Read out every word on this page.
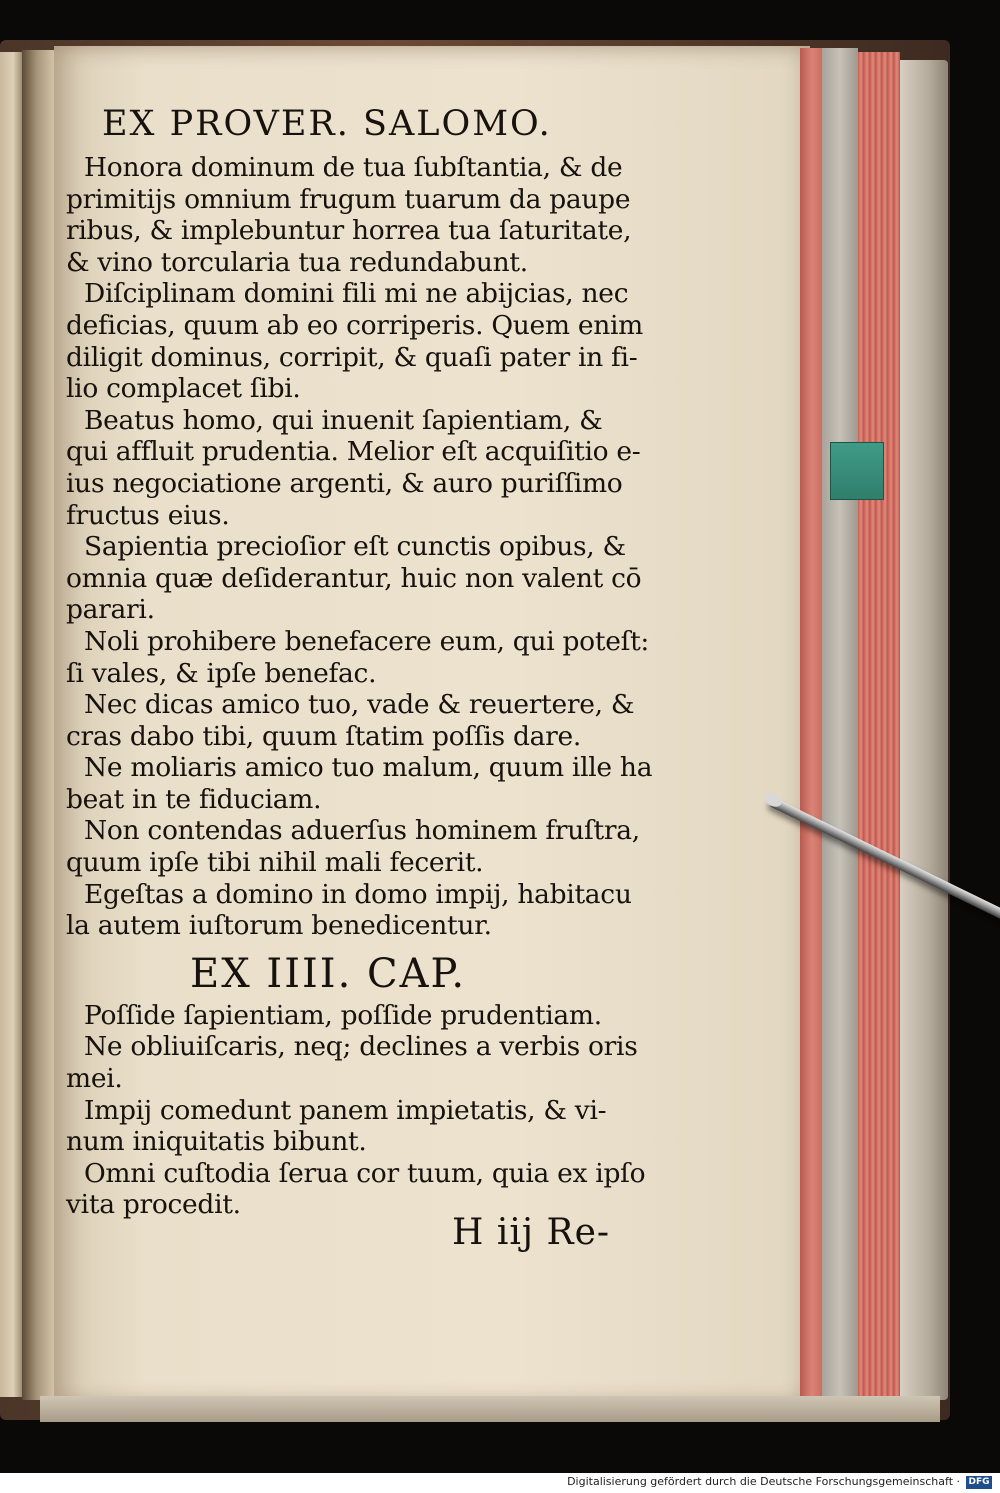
EX PROVER. SALOMO.
Honora dominum de tua ſubſtantia, & de
primitijs omnium frugum tuarum da paupe
ribus, & implebuntur horrea tua ſaturitate,
& vino torcularia tua redundabunt.
Diſciplinam domini fili mi ne abijcias, nec
deficias, quum ab eo corriperis. Quem enim
diligit dominus, corripit, & quaſi pater in fi-
lio complacet ſibi.
Beatus homo, qui inuenit ſapientiam, &
qui affluit prudentia. Melior eſt acquiſitio e-
ius negociatione argenti, & auro puriſſimo
fructus eius.
Sapientia precioſior eſt cunctis opibus, &
omnia quæ deſiderantur, huic non valent cō
parari.
Noli prohibere benefacere eum, qui poteſt:
ſi vales, & ipſe benefac.
Nec dicas amico tuo, vade & reuertere, &
cras dabo tibi, quum ſtatim poſſis dare.
Ne moliaris amico tuo malum, quum ille ha
beat in te fiduciam.
Non contendas aduerſus hominem fruſtra,
quum ipſe tibi nihil mali fecerit.
Egeſtas a domino in domo impij, habitacu
la autem iuſtorum benedicentur.
EX IIII. CAP.
Poſſide ſapientiam, poſſide prudentiam.
Ne obliuiſcaris, neq; declines a verbis oris
mei.
Impij comedunt panem impietatis, & vi-
num iniquitatis bibunt.
Omni cuſtodia ſerua cor tuum, quia ex ipſo
vita procedit.
H iij Re-
Digitalisierung gefördert durch die Deutsche Forschungsgemeinschaft · DFG
